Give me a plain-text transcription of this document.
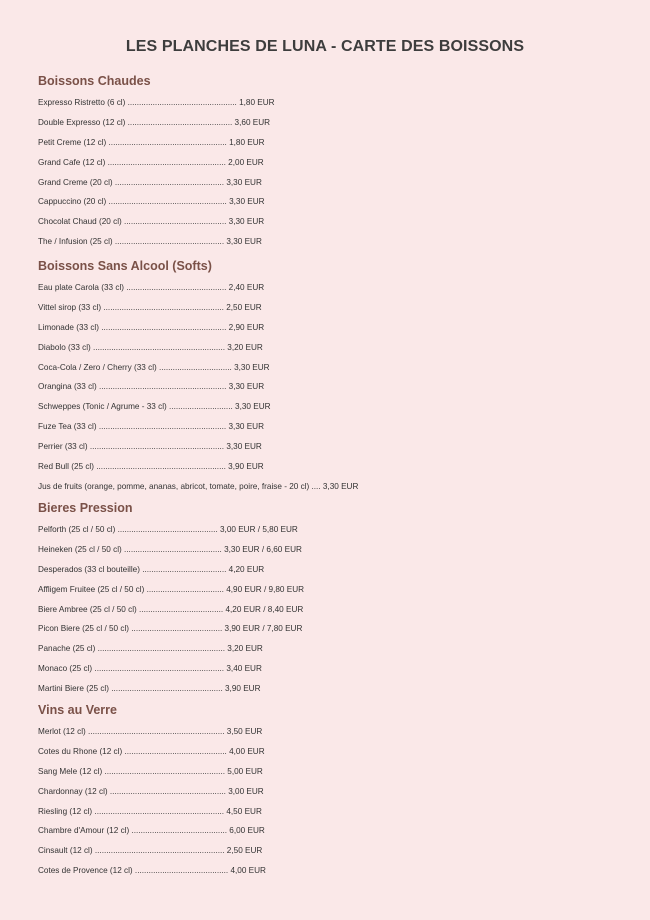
LES PLANCHES DE LUNA - CARTE DES BOISSONS
Boissons Chaudes
Expresso Ristretto (6 cl) ................................................ 1,80 EUR
Double Expresso (12 cl) .............................................. 3,60 EUR
Petit Creme (12 cl) .................................................... 1,80 EUR
Grand Cafe (12 cl) .................................................... 2,00 EUR
Grand Creme (20 cl) ................................................ 3,30 EUR
Cappuccino (20 cl) .................................................... 3,30 EUR
Chocolat Chaud (20 cl) ............................................. 3,30 EUR
The / Infusion (25 cl) ................................................ 3,30 EUR
Boissons Sans Alcool (Softs)
Eau plate Carola (33 cl) ............................................ 2,40 EUR
Vittel sirop (33 cl) ..................................................... 2,50 EUR
Limonade (33 cl) ....................................................... 2,90 EUR
Diabolo (33 cl) .......................................................... 3,20 EUR
Coca-Cola / Zero / Cherry (33 cl) ................................ 3,30 EUR
Orangina (33 cl) ........................................................ 3,30 EUR
Schweppes (Tonic / Agrume - 33 cl) ............................ 3,30 EUR
Fuze Tea (33 cl) ........................................................ 3,30 EUR
Perrier (33 cl) ........................................................... 3,30 EUR
Red Bull (25 cl) ......................................................... 3,90 EUR
Jus de fruits (orange, pomme, ananas, abricot, tomate, poire, fraise - 20 cl) .... 3,30 EUR
Bieres Pression
Pelforth (25 cl / 50 cl) ............................................ 3,00 EUR / 5,80 EUR
Heineken (25 cl / 50 cl) ........................................... 3,30 EUR / 6,60 EUR
Desperados (33 cl bouteille) ..................................... 4,20 EUR
Affligem Fruitee (25 cl / 50 cl) .................................. 4,90 EUR / 9,80 EUR
Biere Ambree (25 cl / 50 cl) ..................................... 4,20 EUR / 8,40 EUR
Picon Biere (25 cl / 50 cl) ........................................ 3,90 EUR / 7,80 EUR
Panache (25 cl) ........................................................ 3,20 EUR
Monaco (25 cl) ......................................................... 3,40 EUR
Martini Biere (25 cl) ................................................. 3,90 EUR
Vins au Verre
Merlot (12 cl) ............................................................ 3,50 EUR
Cotes du Rhone (12 cl) ............................................. 4,00 EUR
Sang Mele (12 cl) ..................................................... 5,00 EUR
Chardonnay (12 cl) ................................................... 3,00 EUR
Riesling (12 cl) ......................................................... 4,50 EUR
Chambre d'Amour (12 cl) .......................................... 6,00 EUR
Cinsault (12 cl) ......................................................... 2,50 EUR
Cotes de Provence (12 cl) ......................................... 4,00 EUR
